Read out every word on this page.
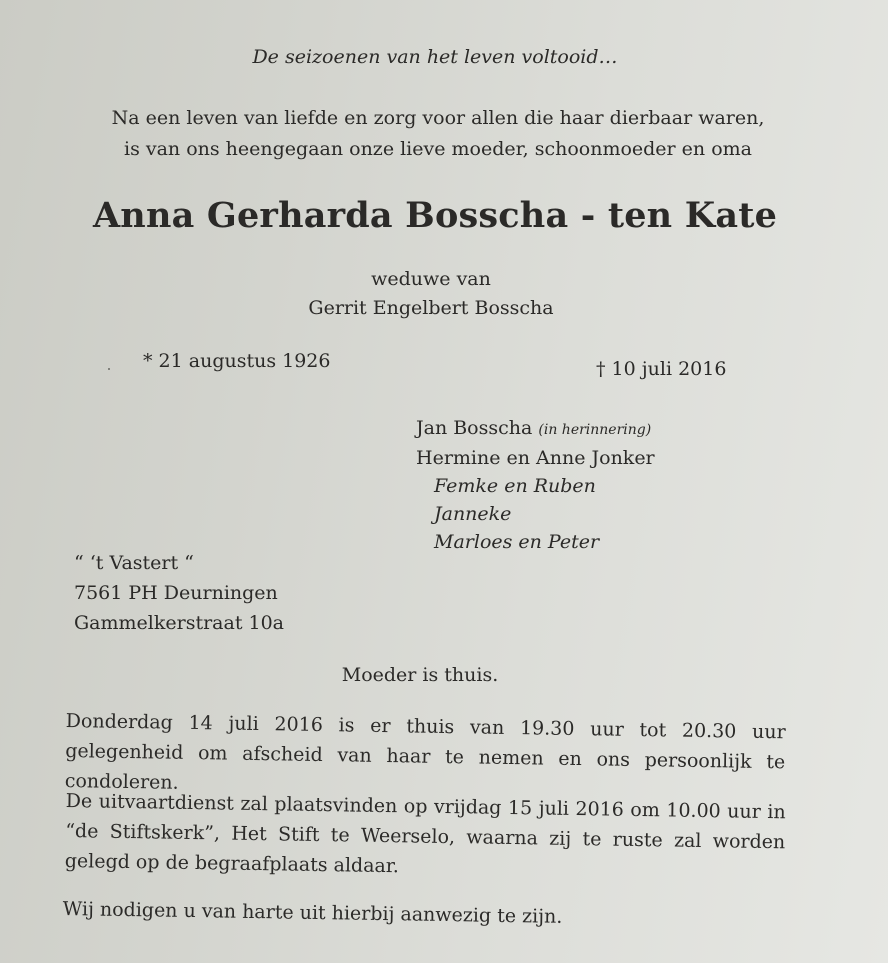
De seizoenen van het leven voltooid…
Na een leven van liefde en zorg voor allen die haar dierbaar waren,
is van ons heengegaan onze lieve moeder, schoonmoeder en oma
Anna Gerharda Bosscha - ten Kate
weduwe van
Gerrit Engelbert Bosscha
* 21 augustus 1926	† 10 juli 2016
Jan Bosscha (in herinnering)
Hermine en Anne Jonker
Femke en Ruben
Janneke
Marloes en Peter
“ ‘t Vastert “
7561 PH Deurningen
Gammelkerstraat 10a
Moeder is thuis.
Donderdag 14 juli 2016 is er thuis van 19.30 uur tot 20.30 uur gelegenheid om afscheid van haar te nemen en ons persoonlijk te condoleren.
De uitvaartdienst zal plaatsvinden op vrijdag 15 juli 2016 om 10.00 uur in “de Stiftskerk”, Het Stift te Weerselo, waarna zij te ruste zal worden gelegd op de begraafplaats aldaar.
Wij nodigen u van harte uit hierbij aanwezig te zijn.
